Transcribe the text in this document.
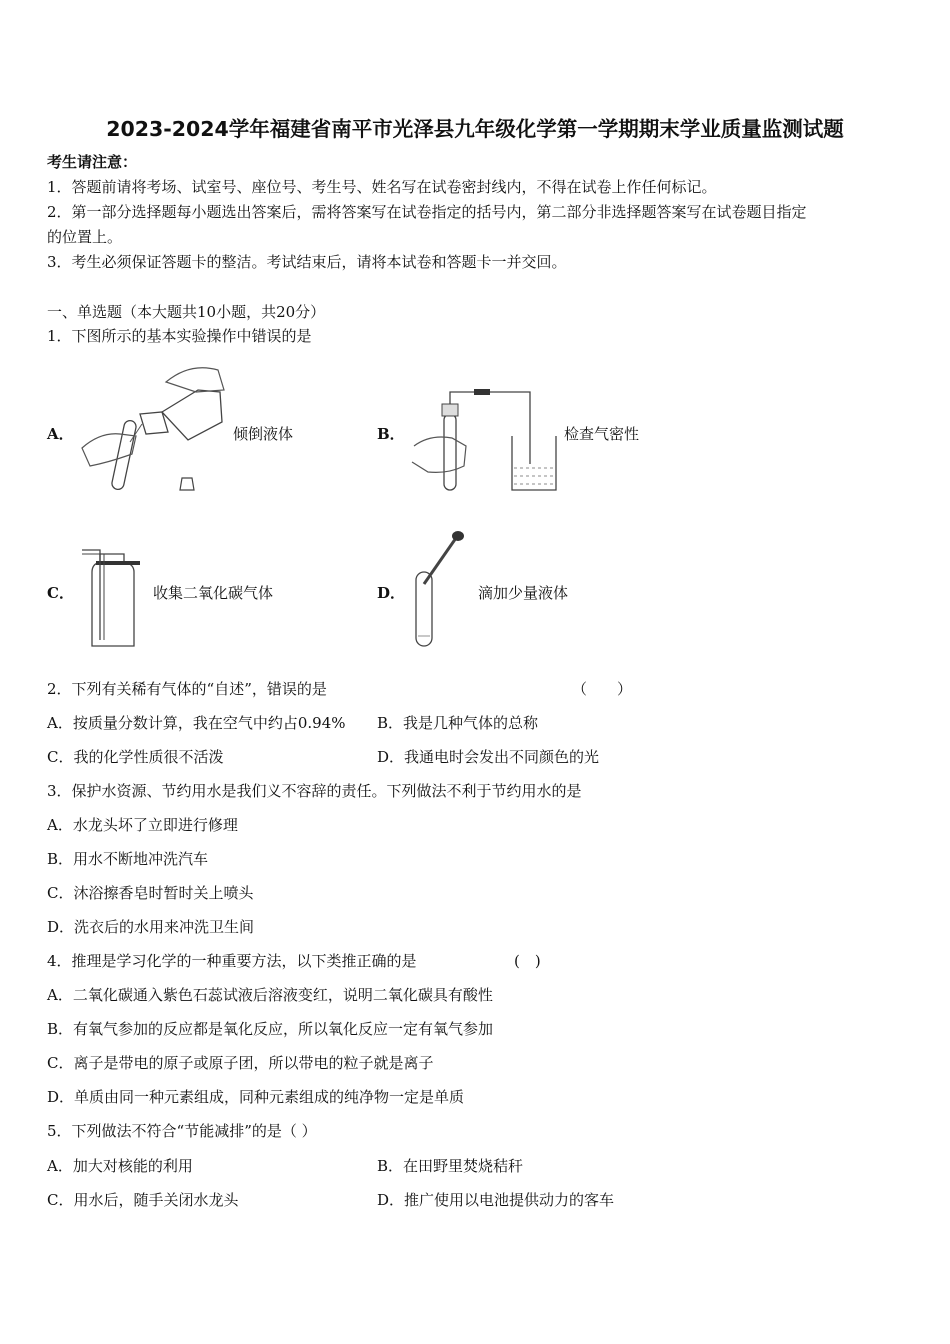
2023-2024学年福建省南平市光泽县九年级化学第一学期期末学业质量监测试题
考生请注意：
1．答题前请将考场、试室号、座位号、考生号、姓名写在试卷密封线内，不得在试卷上作任何标记。
2．第一部分选择题每小题选出答案后，需将答案写在试卷指定的括号内，第二部分非选择题答案写在试卷题目指定
的位置上。
3．考生必须保证答题卡的整洁。考试结束后，请将本试卷和答题卡一并交回。
一、单选题（本大题共10小题，共20分）
1．下图所示的基本实验操作中错误的是
A．	倾倒液体	B．	检查气密性
C．	收集二氧化碳气体	D．	滴加少量液体
2．下列有关稀有气体的“自述”，错误的是	（　　）
A．按质量分数计算，我在空气中约占0.94% B．我是几种气体的总称
C．我的化学性质很不活泼	D．我通电时会发出不同颜色的光
3．保护水资源、节约用水是我们义不容辞的责任。下列做法不利于节约用水的是
A．水龙头坏了立即进行修理
B．用水不断地冲洗汽车
C．沐浴擦香皂时暂时关上喷头
D．洗衣后的水用来冲洗卫生间
4．推理是学习化学的一种重要方法，以下类推正确的是	(　)
A．二氧化碳通入紫色石蕊试液后溶液变红，说明二氧化碳具有酸性
B．有氧气参加的反应都是氧化反应，所以氧化反应一定有氧气参加
C．离子是带电的原子或原子团，所以带电的粒子就是离子
D．单质由同一种元素组成，同种元素组成的纯净物一定是单质
5．下列做法不符合“节能减排”的是（ ）
A．加大对核能的利用	B．在田野里焚烧秸秆
C．用水后，随手关闭水龙头	D．推广使用以电池提供动力的客车
